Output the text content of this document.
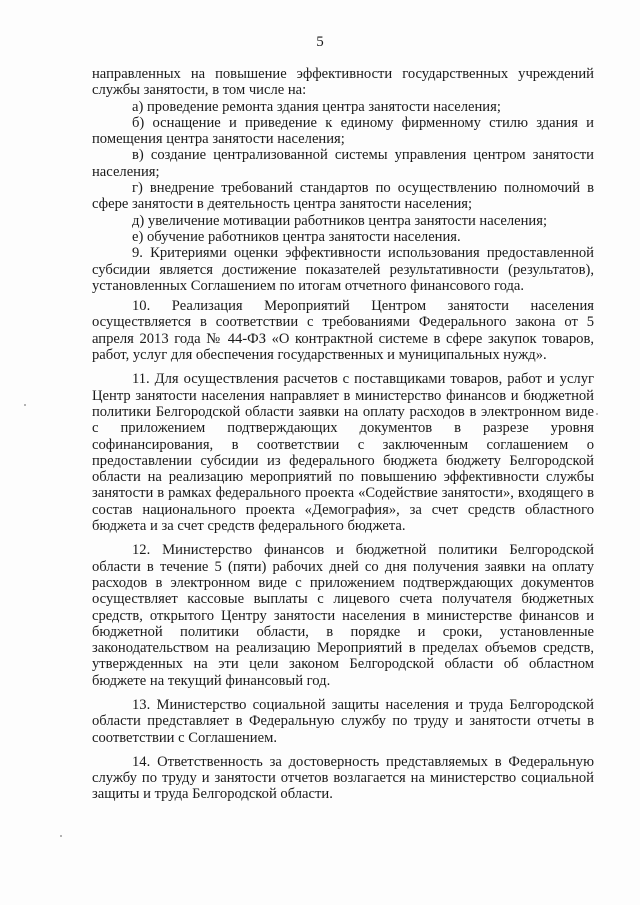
5

направленных на повышение эффективности государственных учреждений службы занятости, в том числе на:

а) проведение ремонта здания центра занятости населения;

б) оснащение и приведение к единому фирменному стилю здания и помещения центра занятости населения;

в) создание централизованной системы управления центром занятости населения;

г) внедрение требований стандартов по осуществлению полномочий в сфере занятости в деятельность центра занятости населения;

д) увеличение мотивации работников центра занятости населения;

е) обучение работников центра занятости населения.

9. Критериями оценки эффективности использования предоставленной субсидии является достижение показателей результативности (результатов), установленных Соглашением по итогам отчетного финансового года.

10. Реализация Мероприятий Центром занятости населения осуществляется в соответствии с требованиями Федерального закона от 5 апреля 2013 года № 44-ФЗ «О контрактной системе в сфере закупок товаров, работ, услуг для обеспечения государственных и муниципальных нужд».

11. Для осуществления расчетов с поставщиками товаров, работ и услуг Центр занятости населения направляет в министерство финансов и бюджетной политики Белгородской области заявки на оплату расходов в электронном виде с приложением подтверждающих документов в разрезе уровня софинансирования, в соответствии с заключенным соглашением о предоставлении субсидии из федерального бюджета бюджету Белгородской области на реализацию мероприятий по повышению эффективности службы занятости в рамках федерального проекта «Содействие занятости», входящего в состав национального проекта «Демография», за счет средств областного бюджета и за счет средств федерального бюджета.

12. Министерство финансов и бюджетной политики Белгородской области в течение 5 (пяти) рабочих дней со дня получения заявки на оплату расходов в электронном виде с приложением подтверждающих документов осуществляет кассовые выплаты с лицевого счета получателя бюджетных средств, открытого Центру занятости населения в министерстве финансов и бюджетной политики области, в порядке и сроки, установленные законодательством на реализацию Мероприятий в пределах объемов средств, утвержденных на эти цели законом Белгородской области об областном бюджете на текущий финансовый год.

13. Министерство социальной защиты населения и труда Белгородской области представляет в Федеральную службу по труду и занятости отчеты в соответствии с Соглашением.

14. Ответственность за достоверность представляемых в Федеральную службу по труду и занятости отчетов возлагается на министерство социальной защиты и труда Белгородской области.
